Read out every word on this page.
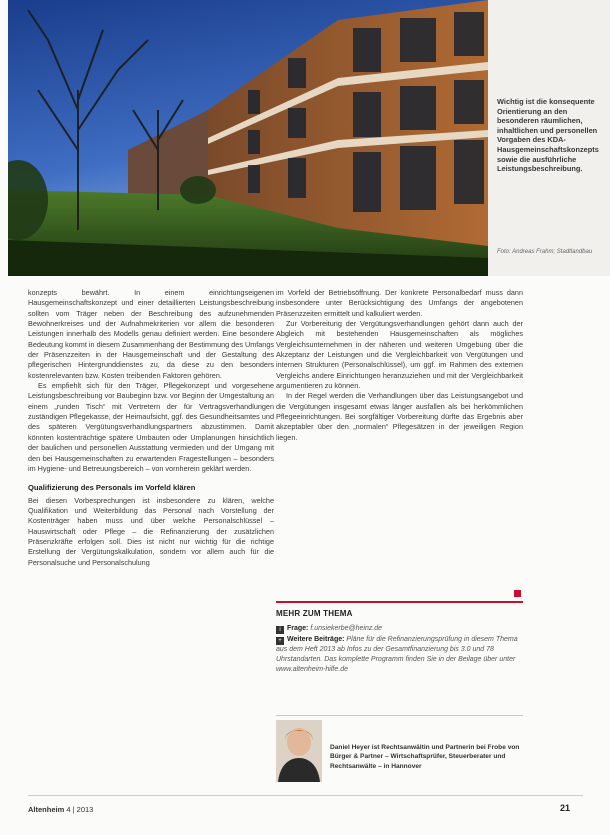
Wichtig ist die konsequente Orientierung an den besonderen räumlichen, inhaltlichen und personellen Vorgaben des KDA-Hausgemeinschaftskonzepts sowie die ausführliche Leistungsbeschreibung.
Foto: Andreas Frahm; Stadtlandbau

konzepts bewährt. In einem einrichtungseigenen Hausgemeinschaftskonzept und einer detaillierten Leistungsbeschreibung sollten vom Träger neben der Beschreibung des aufzunehmenden Bewohnerkreises und der Aufnahmekriterien vor allem die besonderen Leistungen innerhalb des Modells genau definiert werden. Eine besondere Bedeutung kommt in diesem Zusammenhang der Bestimmung des Umfangs der Präsenzzeiten in der Hausgemeinschaft und der Gestaltung des pflegerischen Hintergrunddienstes zu, da diese zu den besonders kostenrelevanten bzw. Kosten treibenden Faktoren gehören.

Es empfiehlt sich für den Träger, Pflegekonzept und vorgesehene Leistungsbeschreibung vor Baubeginn bzw. vor Beginn der Umgestaltung an einem „runden Tisch“ mit Vertretern der für Vertragsverhandlungen zuständigen Pflegekasse, der Heimaufsicht, ggf. des Gesundheitsamtes und des späteren Vergütungsverhandlungspartners abzustimmen. Damit könnten kostenträchtige spätere Umbauten oder Umplanungen hinsichtlich der baulichen und personellen Ausstattung vermieden und der Umgang mit den bei Hausgemeinschaften zu erwartenden Fragestellungen – besonders im Hygiene- und Betreuungsbereich – von vornherein geklärt werden.

Qualifizierung des Personals im Vorfeld klären

Bei diesen Vorbesprechungen ist insbesondere zu klären, welche Qualifikation und Weiterbildung das Personal nach Vorstellung der Kostenträger haben muss und über welche Personalschlüssel – Hauswirtschaft oder Pflege – die Refinanzierung der zusätzlichen Präsenzkräfte erfolgen soll. Dies ist nicht nur wichtig für die richtige Erstellung der Vergütungskalkulation, sondern vor allem auch für die Personalsuche und Personalschulung

im Vorfeld der Betriebsöffnung. Der konkrete Personalbedarf muss dann insbesondere unter Berücksichtigung des Umfangs der angebotenen Präsenzzeiten ermittelt und kalkuliert werden.

Zur Vorbereitung der Vergütungsverhandlungen gehört dann auch der Abgleich mit bestehenden Hausgemeinschaften als mögliches Vergleichsunternehmen in der näheren und weiteren Umgebung über die Akzeptanz der Leistungen und die Vergleichbarkeit von Vergütungen und internen Strukturen (Personalschlüssel), um ggf. im Rahmen des externen Vergleichs andere Einrichtungen heranzuziehen und mit der Vergleichbarkeit argumentieren zu können.

In der Regel werden die Verhandlungen über das Leistungsangebot und die Vergütungen insgesamt etwas länger ausfallen als bei herkömmlichen Pflegeeinrichtungen. Bei sorgfältiger Vorbereitung dürfte das Ergebnis aber akzeptabler über den „normalen“ Pflegesätzen in der jeweiligen Region liegen.

MEHR ZUM THEMA
i Frage: f.unsiekerbe@heinz.de
+ Weitere Beiträge: Pläne für die Refinanzierungsprüfung in diesem Thema aus dem Heft 2013 ab Infos zu der Gesamtfinanzierung bis 3.0 und 78 Uhrstandarten. Das komplette Programm finden Sie in der Beilage über unter www.altenheim-hilfe.de
Daniel Heyer ist Rechtsanwältin und Partnerin bei Frobe von Bürger & Partner – Wirtschaftsprüfer, Steuerberater und Rechtsanwälte – in Hannover
Altenheim 4 | 2013	21
